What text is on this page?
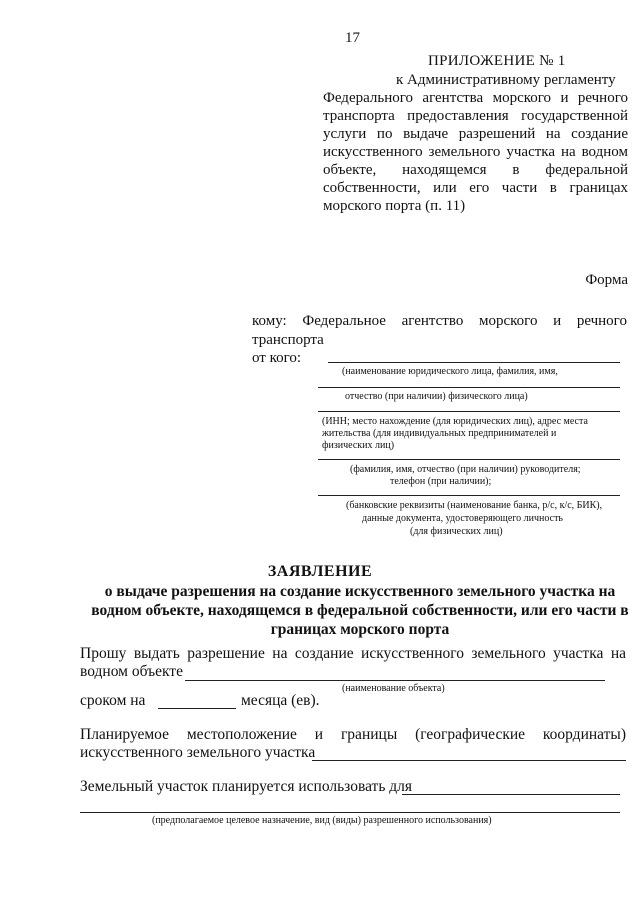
17
ПРИЛОЖЕНИЕ № 1
к Административному регламенту
Федерального агентства морского и речного
транспорта предоставления государственной
услуги по выдаче разрешений на создание
искусственного земельного участка на водном
объекте, находящемся в федеральной
собственности, или его части в границах
морского порта (п. 11)
Форма
кому: Федеральное агентство морского и речного
транспорта
от кого:
(наименование юридического лица, фамилия, имя,
отчество (при наличии) физического лица)
(ИНН; место нахождение (для юридических лиц), адрес места
жительства (для индивидуальных предпринимателей и
физических лиц)
(фамилия, имя, отчество (при наличии) руководителя;
телефон (при наличии);
(банковские реквизиты (наименование банка, р/с, к/с, БИК),
данные документа, удостоверяющего личность
(для физических лиц)
ЗАЯВЛЕНИЕ
о выдаче разрешения на создание искусственного земельного участка на
водном объекте, находящемся в федеральной собственности, или его части в
границах морского порта
Прошу выдать разрешение на создание искусственного земельного участка на
водном объекте
(наименование объекта)
сроком на	месяца (ев).
Планируемое местоположение и границы (географические координаты)
искусственного земельного участка
Земельный участок планируется использовать для
(предполагаемое целевое назначение, вид (виды) разрешенного использования)
